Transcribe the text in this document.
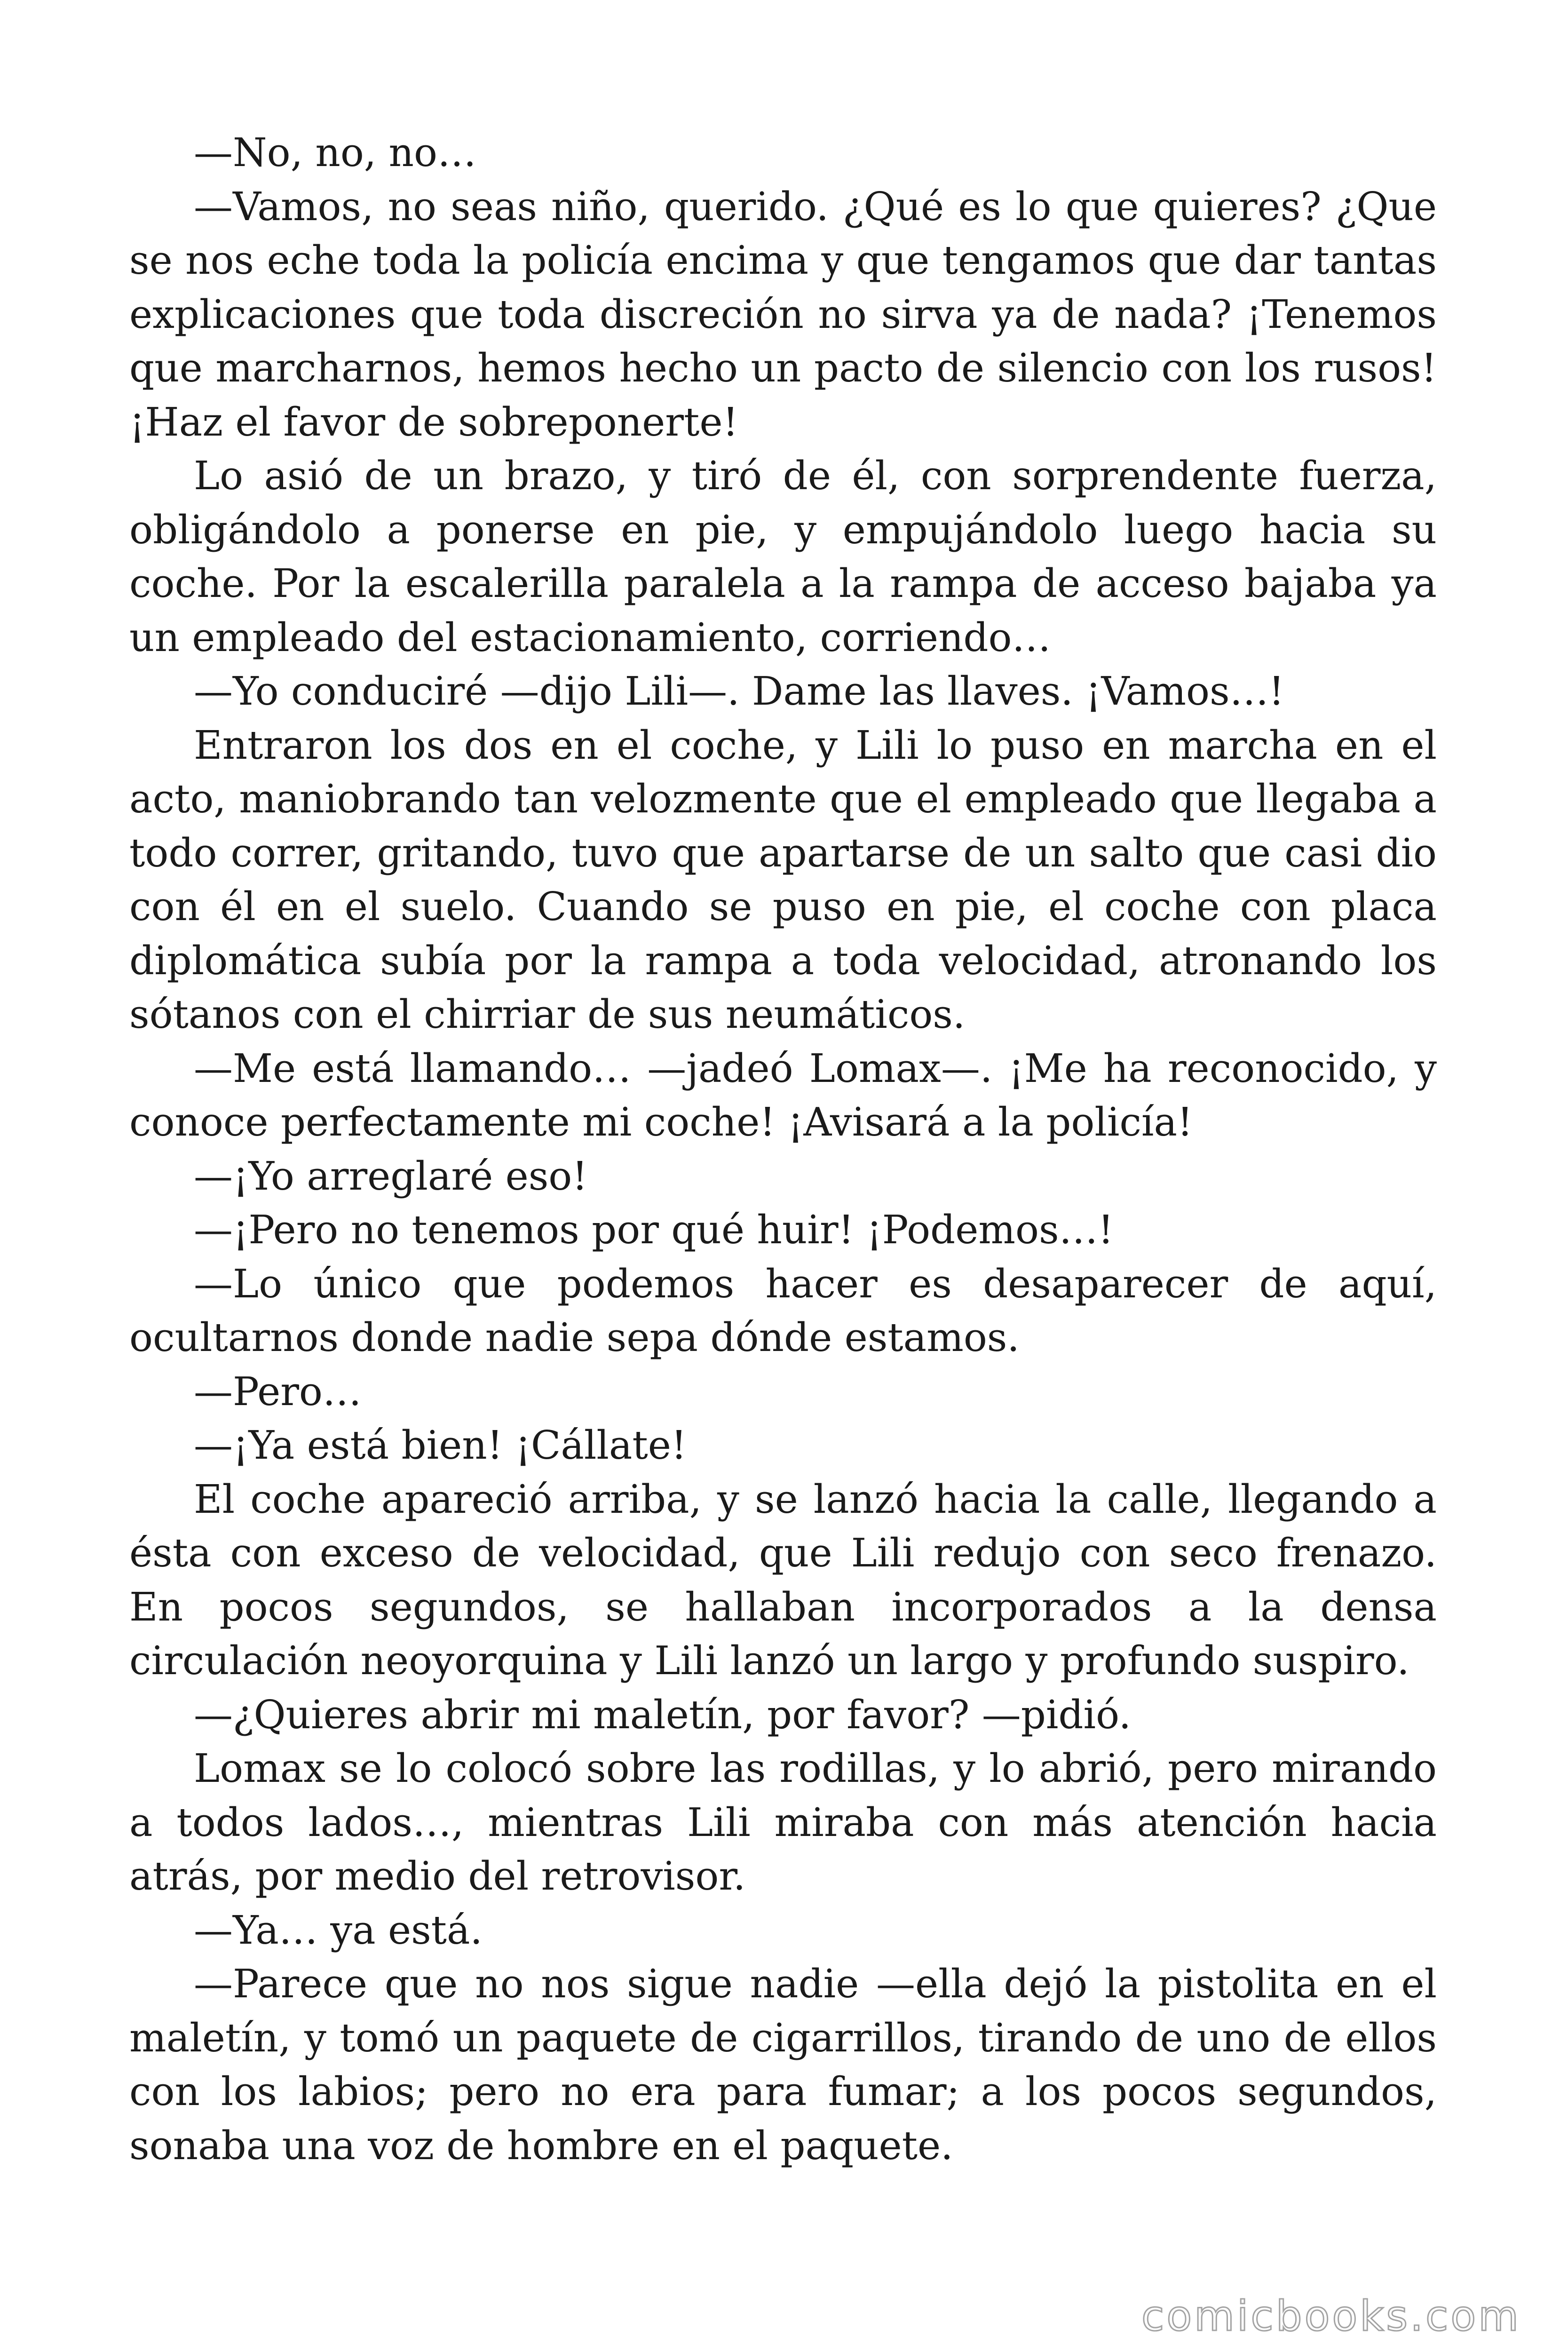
—No, no, no…

—Vamos, no seas niño, querido. ¿Qué es lo que quieres? ¿Que se nos eche toda la policía encima y que tengamos que dar tantas explicaciones que toda discreción no sirva ya de nada? ¡Tenemos que marcharnos, hemos hecho un pacto de silencio con los rusos! ¡Haz el favor de sobreponerte!

Lo asió de un brazo, y tiró de él, con sorprendente fuerza, obligándolo a ponerse en pie, y empujándolo luego hacia su coche. Por la escalerilla paralela a la rampa de acceso bajaba ya un empleado del estacionamiento, corriendo…

—Yo conduciré —dijo Lili—. Dame las llaves. ¡Vamos…!

Entraron los dos en el coche, y Lili lo puso en marcha en el acto, maniobrando tan velozmente que el empleado que llegaba a todo correr, gritando, tuvo que apartarse de un salto que casi dio con él en el suelo. Cuando se puso en pie, el coche con placa diplomática subía por la rampa a toda velocidad, atronando los sótanos con el chirriar de sus neumáticos.

—Me está llamando… —jadeó Lomax—. ¡Me ha reconocido, y conoce perfectamente mi coche! ¡Avisará a la policía!

—¡Yo arreglaré eso!

—¡Pero no tenemos por qué huir! ¡Podemos…!

—Lo único que podemos hacer es desaparecer de aquí, ocultarnos donde nadie sepa dónde estamos.

—Pero…

—¡Ya está bien! ¡Cállate!

El coche apareció arriba, y se lanzó hacia la calle, llegando a ésta con exceso de velocidad, que Lili redujo con seco frenazo. En pocos segundos, se hallaban incorporados a la densa circulación neoyorquina y Lili lanzó un largo y profundo suspiro.

—¿Quieres abrir mi maletín, por favor? —pidió.

Lomax se lo colocó sobre las rodillas, y lo abrió, pero mirando a todos lados…, mientras Lili miraba con más atención hacia atrás, por medio del retrovisor.

—Ya… ya está.

—Parece que no nos sigue nadie —ella dejó la pistolita en el maletín, y tomó un paquete de cigarrillos, tirando de uno de ellos con los labios; pero no era para fumar; a los pocos segundos, sonaba una voz de hombre en el paquete.

comicbooks.com
